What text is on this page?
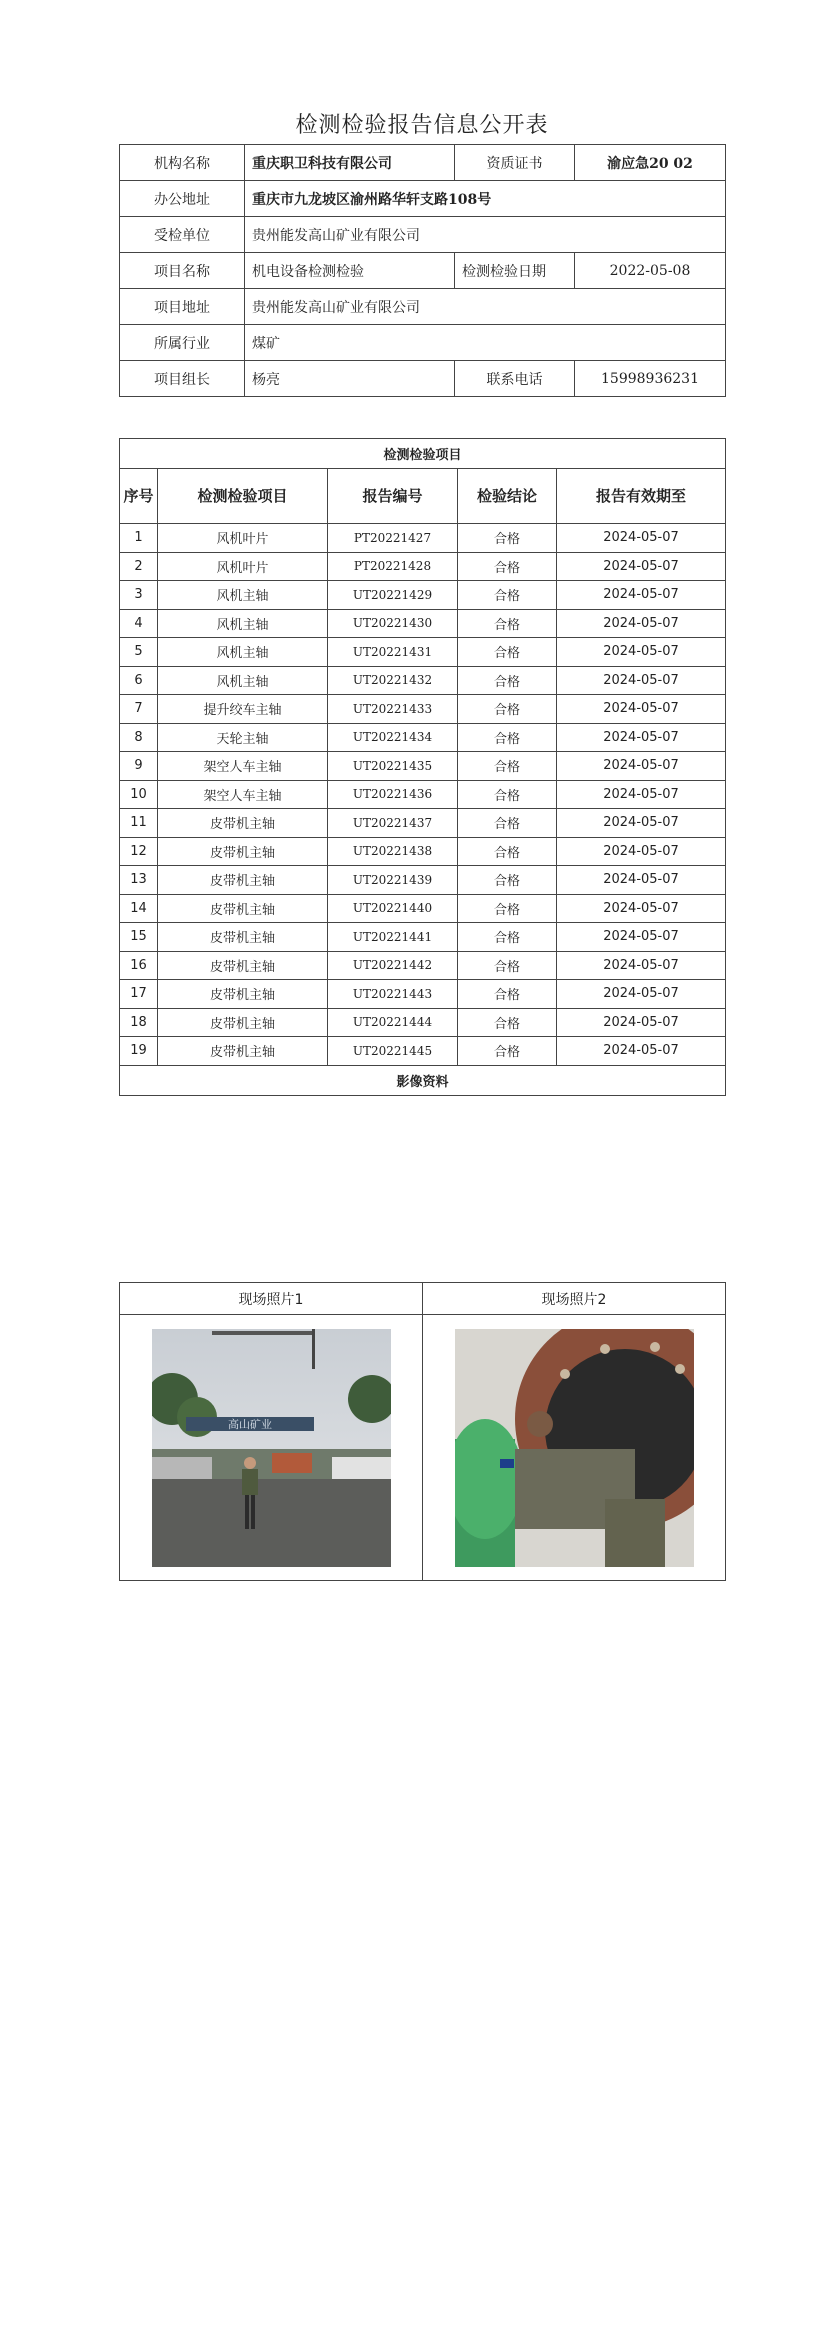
检测检验报告信息公开表
机构名称	重庆职卫科技有限公司	资质证书	渝应急20 02
办公地址	重庆市九龙坡区渝州路华轩支路108号		
受检单位	贵州能发高山矿业有限公司		
项目名称	机电设备检测检验	检测检验日期	2022-05-08
项目地址	贵州能发高山矿业有限公司		
所属行业	煤矿		
项目组长	杨亮	联系电话	15998936231
检测检验项目				
序号	检测检验项目	报告编号	检验结论	报告有效期至
1	风机叶片	PT20221427	合格	2024-05-07
2	风机叶片	PT20221428	合格	2024-05-07
3	风机主轴	UT20221429	合格	2024-05-07
4	风机主轴	UT20221430	合格	2024-05-07
5	风机主轴	UT20221431	合格	2024-05-07
6	风机主轴	UT20221432	合格	2024-05-07
7	提升绞车主轴	UT20221433	合格	2024-05-07
8	天轮主轴	UT20221434	合格	2024-05-07
9	架空人车主轴	UT20221435	合格	2024-05-07
10	架空人车主轴	UT20221436	合格	2024-05-07
11	皮带机主轴	UT20221437	合格	2024-05-07
12	皮带机主轴	UT20221438	合格	2024-05-07
13	皮带机主轴	UT20221439	合格	2024-05-07
14	皮带机主轴	UT20221440	合格	2024-05-07
15	皮带机主轴	UT20221441	合格	2024-05-07
16	皮带机主轴	UT20221442	合格	2024-05-07
17	皮带机主轴	UT20221443	合格	2024-05-07
18	皮带机主轴	UT20221444	合格	2024-05-07
19	皮带机主轴	UT20221445	合格	2024-05-07
影像资料				
现场照片1	现场照片2

高山矿业
